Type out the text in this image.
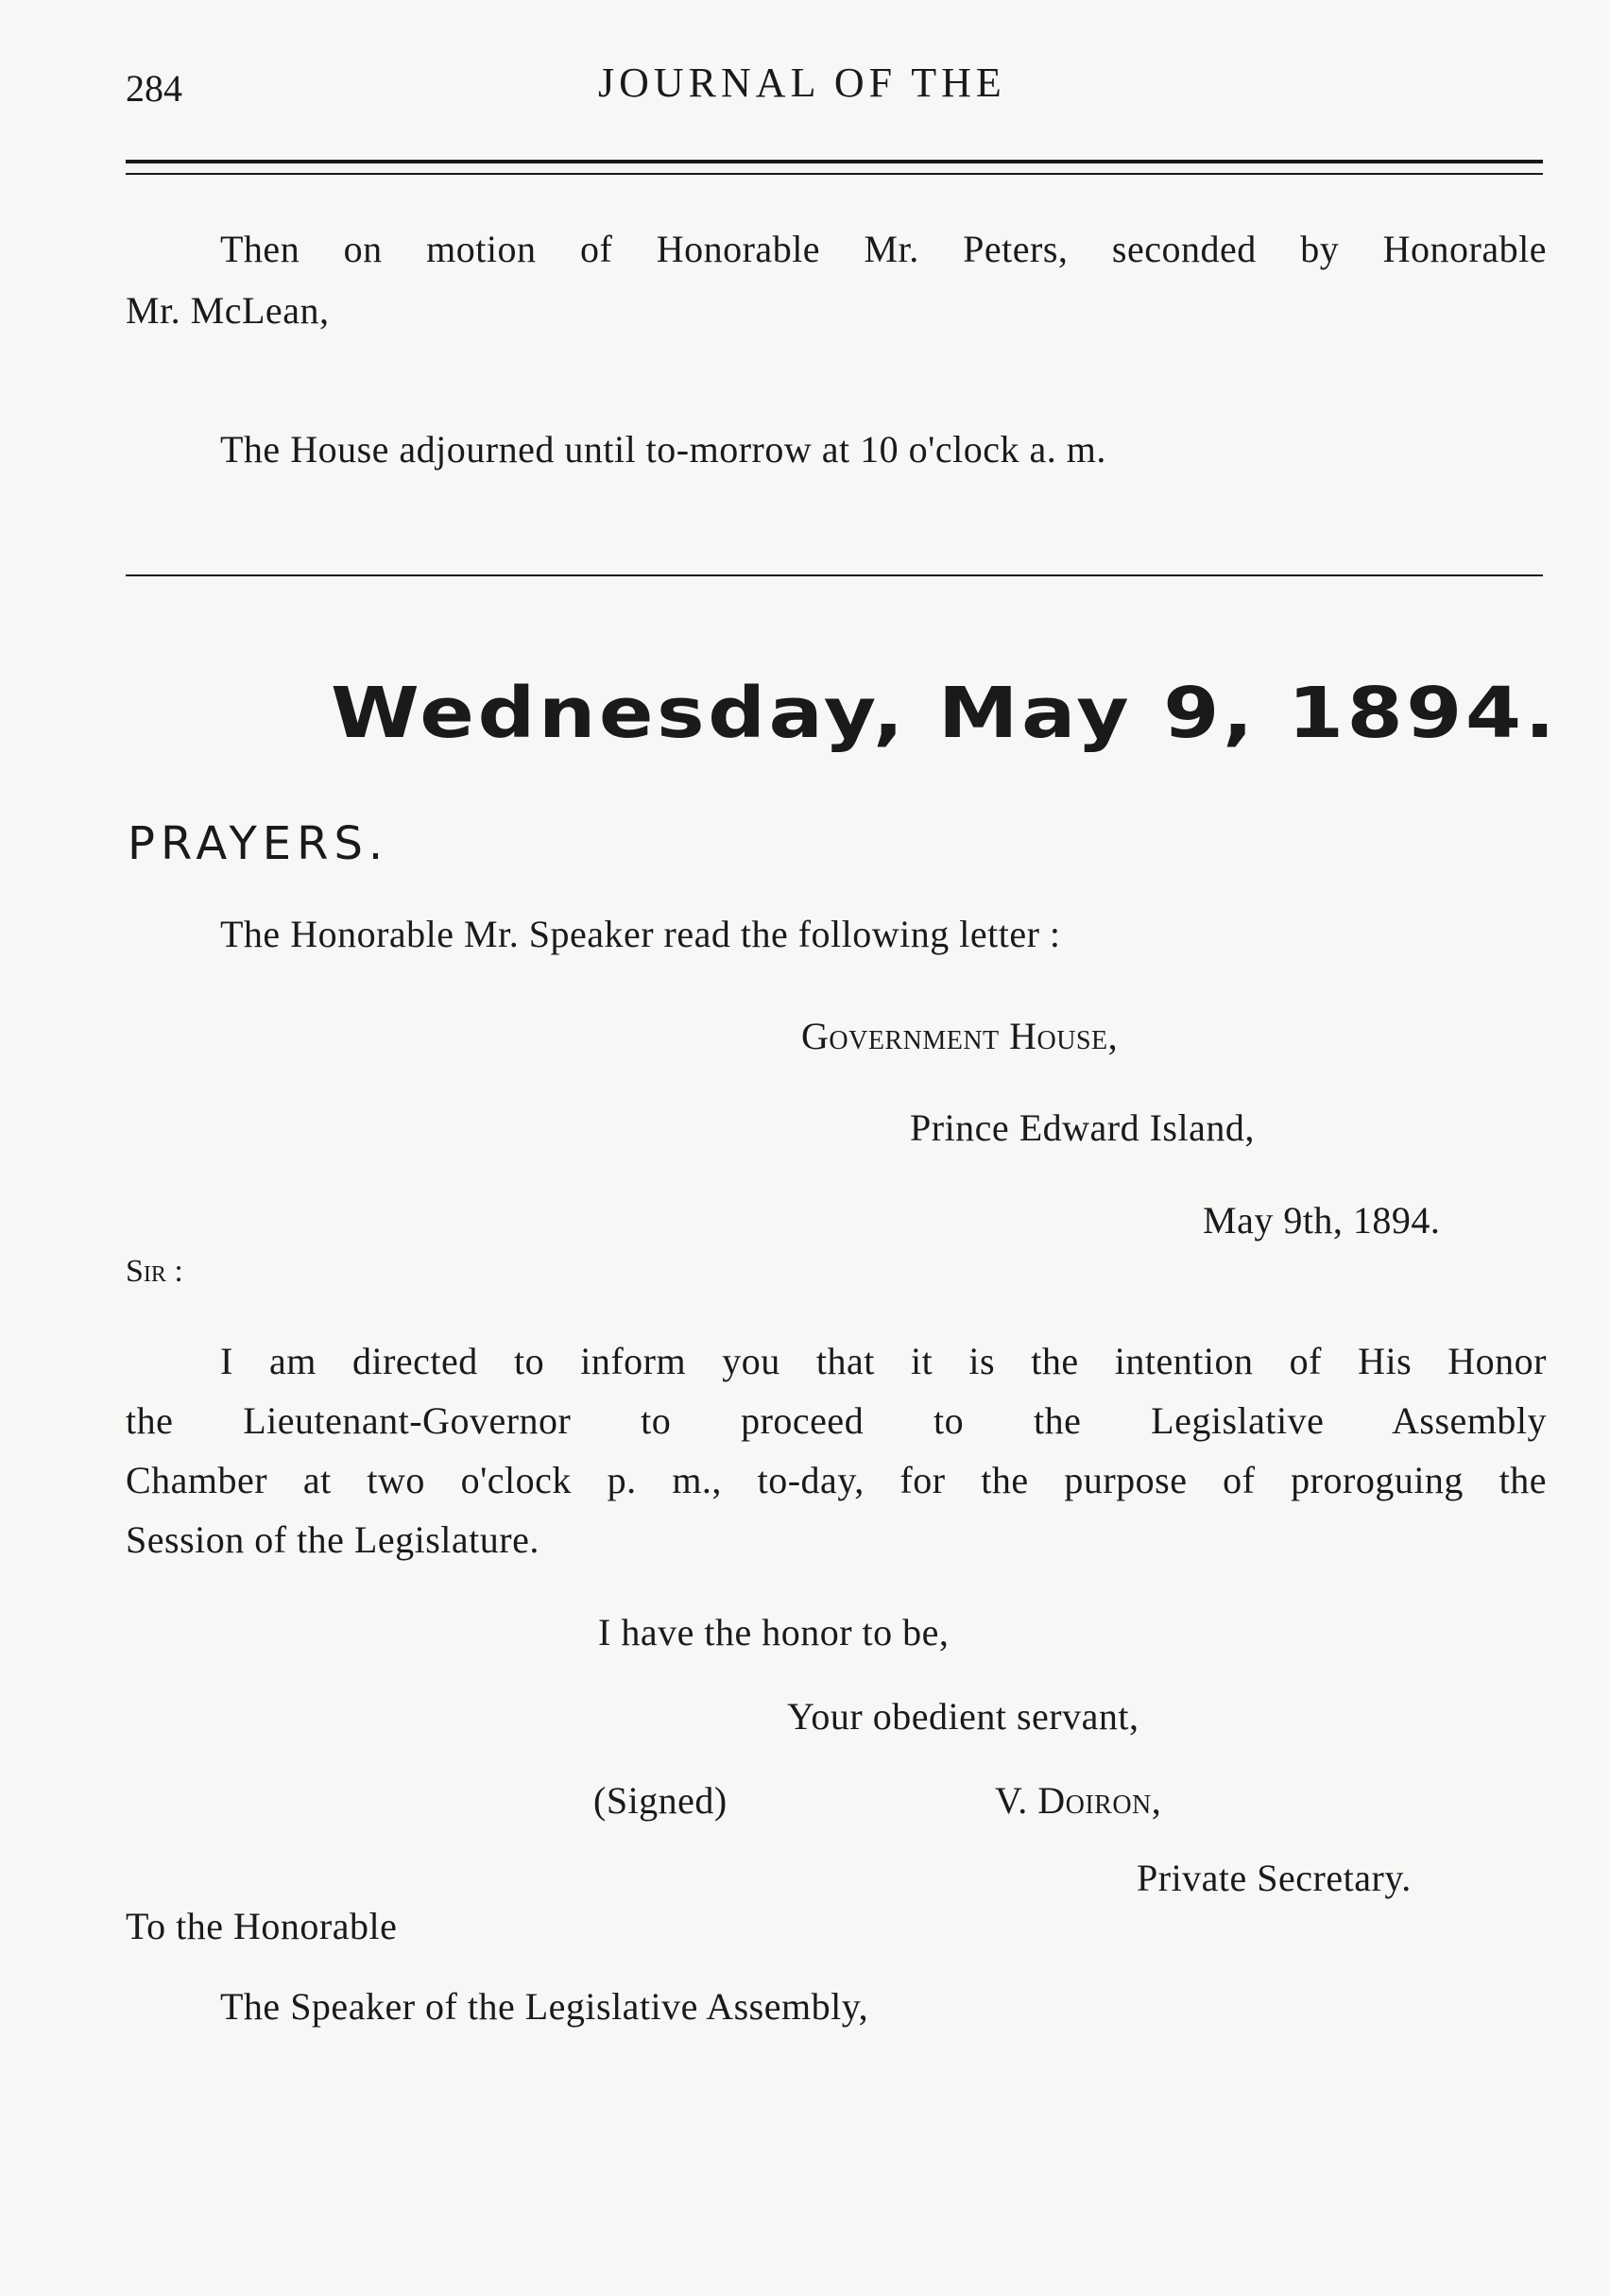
284	JOURNAL OF THE
Then on motion of Honorable Mr. Peters, seconded by Honorable
Mr. McLean,
The House adjourned until to-morrow at 10 o'clock a. m.
Wednesday, May 9, 1894.
PRAYERS.
The Honorable Mr. Speaker read the following letter :
Government House,
Prince Edward Island,
May 9th, 1894.
Sir :
I am directed to inform you that it is the intention of His Honor
the Lieutenant-Governor to proceed to the Legislative Assembly
Chamber at two o'clock p. m., to-day, for the purpose of proroguing the
Session of the Legislature.
I have the honor to be,
Your obedient servant,
(Signed)	V. Doiron,
Private Secretary.
To the Honorable
The Speaker of the Legislative Assembly,
